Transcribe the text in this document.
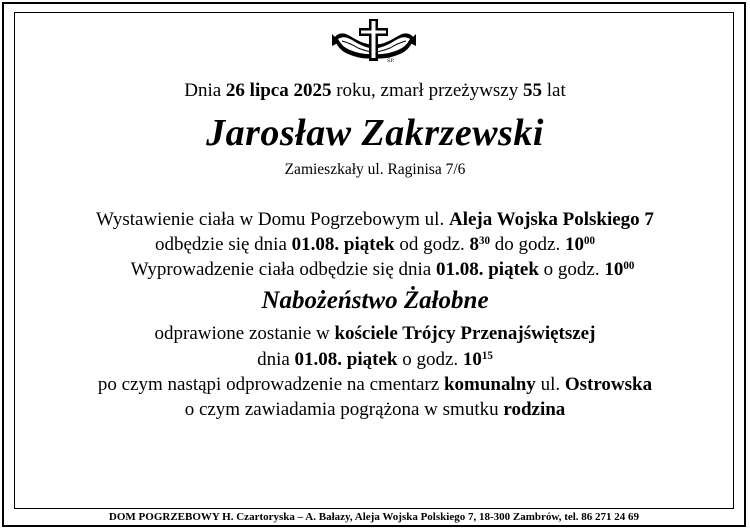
ŚP.
Dnia 26 lipca 2025 roku, zmarł przeżywszy 55 lat
Jarosław Zakrzewski
Zamieszkały ul. Raginisa 7/6
Wystawienie ciała w Domu Pogrzebowym ul. Aleja Wojska Polskiego 7
odbędzie się dnia 01.08. piątek od godz. $8^{30}$ do godz. $10^{00}$
Wyprowadzenie ciała odbędzie się dnia 01.08. piątek o godz. $10^{00}$
Nabożeństwo Żałobne
odprawione zostanie w kościele Trójcy Przenajświętszej
dnia 01.08. piątek o godz. $10^{15}$
po czym nastąpi odprowadzenie na cmentarz komunalny ul. Ostrowska
o czym zawiadamia pogrążona w smutku rodzina
DOM POGRZEBOWY H. Czartoryska – A. Bałazy, Aleja Wojska Polskiego 7, 18-300 Zambrów, tel. 86 271 24 69
